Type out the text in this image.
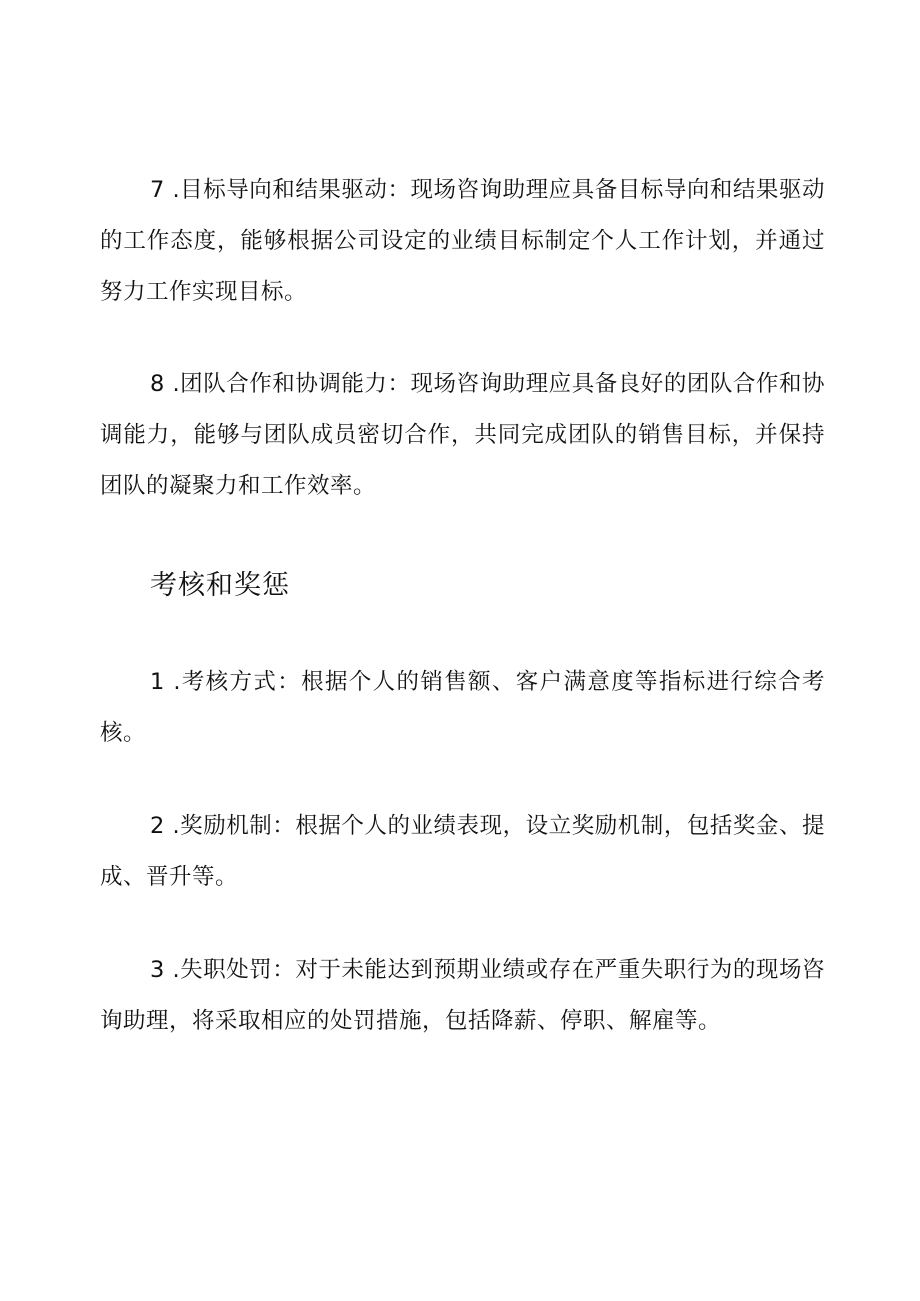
7 .目标导向和结果驱动：现场咨询助理应具备目标导向和结果驱动的工作态度，能够根据公司设定的业绩目标制定个人工作计划，并通过努力工作实现目标。

8 .团队合作和协调能力：现场咨询助理应具备良好的团队合作和协调能力，能够与团队成员密切合作，共同完成团队的销售目标，并保持团队的凝聚力和工作效率。

考核和奖惩

1 .考核方式：根据个人的销售额、客户满意度等指标进行综合考核。

2 .奖励机制：根据个人的业绩表现，设立奖励机制，包括奖金、提成、晋升等。

3 .失职处罚：对于未能达到预期业绩或存在严重失职行为的现场咨询助理，将采取相应的处罚措施，包括降薪、停职、解雇等。
